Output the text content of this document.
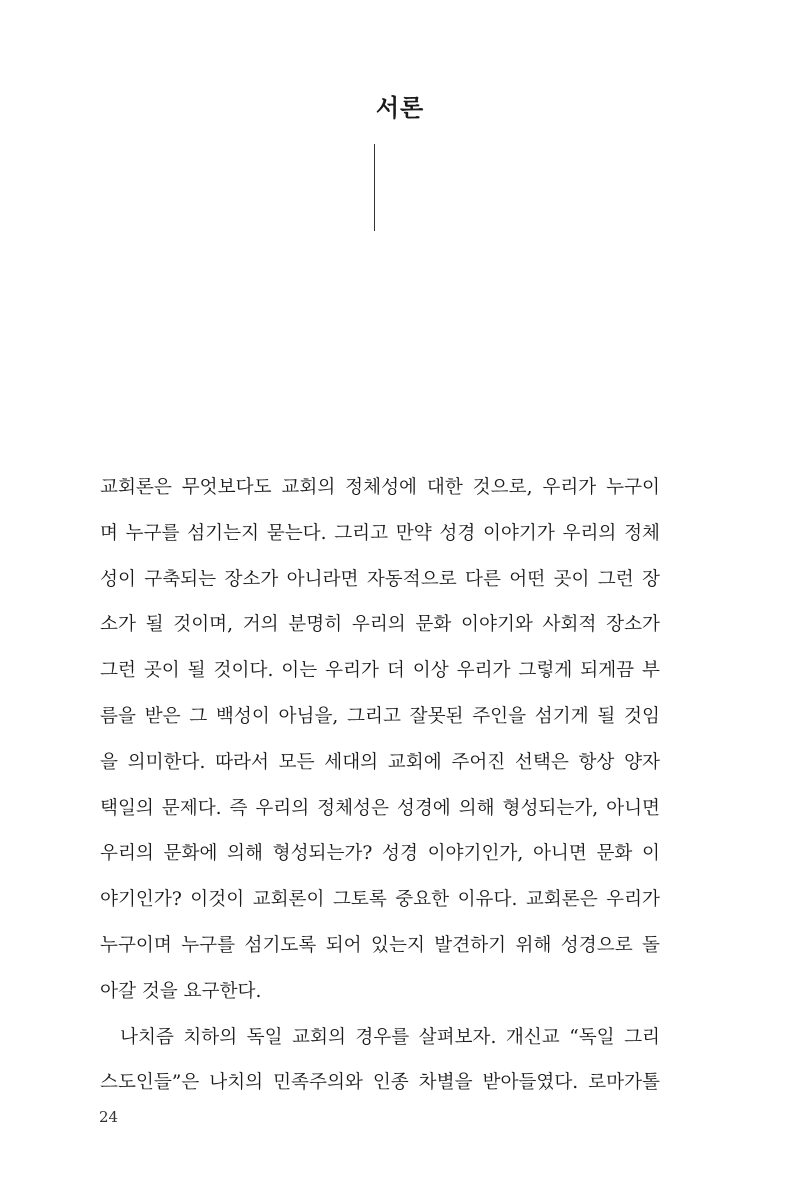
서론
교회론은 무엇보다도 교회의 정체성에 대한 것으로, 우리가 누구이
며 누구를 섬기는지 묻는다. 그리고 만약 성경 이야기가 우리의 정체
성이 구축되는 장소가 아니라면 자동적으로 다른 어떤 곳이 그런 장
소가 될 것이며, 거의 분명히 우리의 문화 이야기와 사회적 장소가
그런 곳이 될 것이다. 이는 우리가 더 이상 우리가 그렇게 되게끔 부
름을 받은 그 백성이 아님을, 그리고 잘못된 주인을 섬기게 될 것임
을 의미한다. 따라서 모든 세대의 교회에 주어진 선택은 항상 양자
택일의 문제다. 즉 우리의 정체성은 성경에 의해 형성되는가, 아니면
우리의 문화에 의해 형성되는가? 성경 이야기인가, 아니면 문화 이
야기인가? 이것이 교회론이 그토록 중요한 이유다. 교회론은 우리가
누구이며 누구를 섬기도록 되어 있는지 발견하기 위해 성경으로 돌
아갈 것을 요구한다.
나치즘 치하의 독일 교회의 경우를 살펴보자. 개신교 “독일 그리
스도인들”은 나치의 민족주의와 인종 차별을 받아들였다. 로마가톨
24
